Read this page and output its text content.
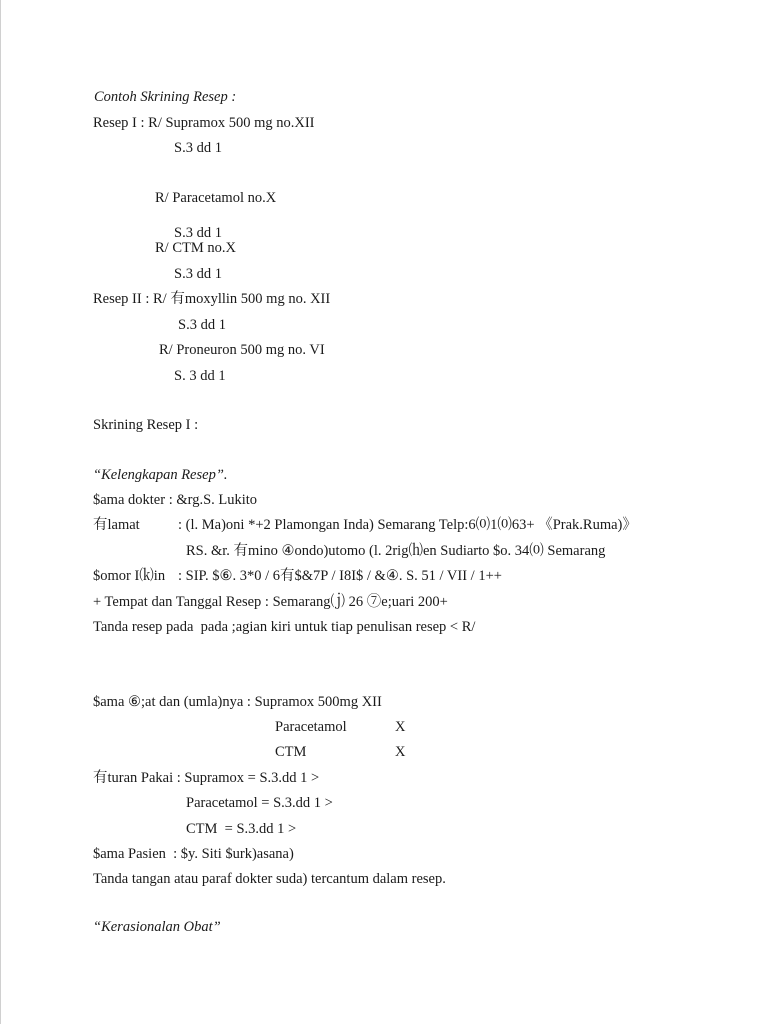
Contoh Skrining Resep :
Resep I : R/ Supramox 500 mg no.XII
S.3 dd 1
R/ Paracetamol no.X
S.3 dd 1
R/ CTM no.X
S.3 dd 1
Resep II : R/ 有moxyllin 500 mg no. XII
S.3 dd 1
R/ Proneuron 500 mg no. VI
S. 3 dd 1
Skrining Resep I :
“Kelengkapan Resep”.
$ama dokter : &rg.S. Lukito
有lamat	: (l. Ma)oni *+2 Plamongan Inda) Semarang Telp:6⒪1⒪63+ 《Prak.Ruma)》
RS. &r. 有mino ④ondo)utomo (l. 2rig⒣en Sudiarto $o. 34⒪ Semarang
$omor I⒦in : SIP. $⑥. 3*0 / 6有$&7P / I8I$ / &④. S. 51 / VII / 1++
+ Tempat dan Tanggal Resep : Semarang⒥ 26 ⑦e;uari 200+
Tanda resep pada  pada ;agian kiri untuk tiap penulisan resep < R/
$ama ⑥;at dan (umla)nya : Supramox 500mg XII
Paracetamol	X
CTM	X
有turan Pakai : Supramox = S.3.dd 1 >
Paracetamol = S.3.dd 1 >
CTM  = S.3.dd 1 >
$ama Pasien  : $y. Siti $urk)asana)
Tanda tangan atau paraf dokter suda) tercantum dalam resep.
“Kerasionalan Obat”
